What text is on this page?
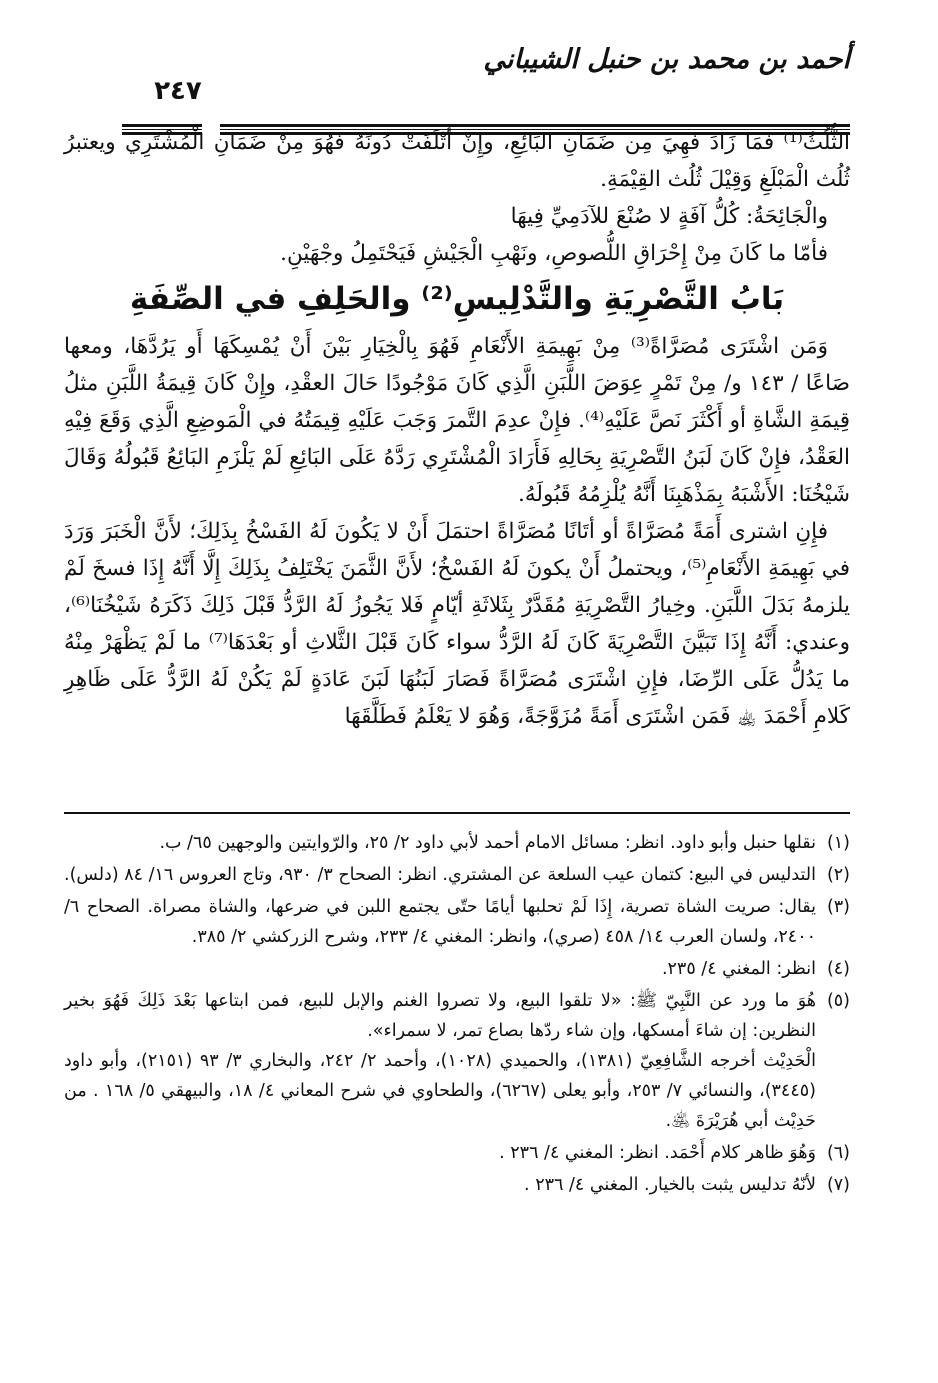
أحمد بن محمد بن حنبل الشيباني
٢٤٧

الثُّلُثُ⁽¹⁾ فَمَا زَادَ فَهِيَ مِن ضَمَانِ البَائِعِ، وإِنْ أَتْلَفَتْ دُونَهُ فَهُوَ مِنْ ضَمَانِ الْمُشْتَرِي ويعتبرُ ثُلُث الْمَبْلَغِ وَقِيْلَ ثُلُث القِيْمَةِ.

والْجَائِحَةُ: كُلُّ آفَةٍ لا صُنْعَ للآدَمِيِّ فِيهَا

فأمّا ما كَانَ مِنْ إِحْرَاقِ اللُّصوصِ، ونَهْبِ الْجَيْشِ فَيَحْتَمِلُ وجْهَيْنِ.

بَابُ التَّصْرِيَةِ والتَّدْلِيسِ⁽²⁾ والحَلِفِ في الصِّفَةِ

وَمَن اشْتَرَى مُصَرَّاةً⁽³⁾ مِنْ بَهِيمَةِ الأَنْعَامِ فَهُوَ بِالْخِيَارِ بَيْنَ أَنْ يُمْسِكَهَا أَو يَرُدَّهَا، ومعها صَاعًا / ١٤٣ و/ مِنْ تَمْرٍ عِوَضَ اللَّبَنِ الَّذِي كَانَ مَوْجُودًا حَالَ العقْدِ، وإِنْ كَانَ قِيمَةُ اللَّبَنِ مثلُ قِيمَةِ الشَّاةِ أو أَكْثَرَ نَصَّ عَلَيْهِ⁽⁴⁾. فإِنْ عدِمَ التَّمرَ وَجَبَ عَلَيْهِ قِيمَتُهُ في الْمَوضِعِ الَّذِي وَقَعَ فِيْهِ العَقْدُ، فإِنْ كَانَ لَبَنُ التَّصْرِيَةِ بِحَالِهِ فَأَرَادَ الْمُشْتَرِي رَدَّهُ عَلَى البَائِعِ لَمْ يَلْزَمِ البَائِعُ قَبُولُهُ وَقَالَ شَيْخُنَا: الأَشْبَهُ بِمَذْهَبِنَا أَنَّهُ يُلْزِمُهُ قَبُولَهُ.

فإِنِ اشترى أَمَةً مُصَرَّاةً أو أتَانًا مُصَرَّاةً احتمَلَ أَنْ لا يَكُونَ لَهُ الفَسْخُ بِذَلِكَ؛ لأَنَّ الْخَبَرَ وَرَدَ في بَهِيمَةِ الأَنْعَامِ⁽⁵⁾، ويحتملُ أَنْ يكونَ لَهُ الفَسْخُ؛ لأَنَّ الثَّمَنَ يَخْتَلِفُ بِذَلِكَ إِلَّا أَنَّهُ إِذَا فسخَ لَمْ يلزمهُ بَدَلَ اللَّبَنِ. وخِيارُ التَّصْرِيَةِ مُقَدَّرٌ بِثَلاثَةِ أيّامٍ فَلا يَجُوزُ لَهُ الرَّدُّ قَبْلَ ذَلِكَ ذَكَرَهُ شَيْخُنَا⁽⁶⁾، وعندي: أَنَّهُ إِذَا تَبَيَّنَ التَّصْرِيَةَ كَانَ لَهُ الرَّدُّ سواء كَانَ قَبْلَ الثَّلاثِ أو بَعْدَهَا⁽⁷⁾ ما لَمْ يَظْهَرْ مِنْهُ ما يَدُلُّ عَلَى الرِّضَا، فإِنِ اشْتَرَى مُصَرَّاةً فَصَارَ لَبَنُهَا لَبَنَ عَادَةٍ لَمْ يَكُنْ لَهُ الرَّدُّ عَلَى ظَاهِرِ كَلامِ أَحْمَدَ ﵀ فَمَن اشْتَرَى أَمَةً مُزَوَّجَةً، وَهُوَ لا يَعْلَمُ فَطَلَّقَهَا

(١)
نقلها حنبل وأبو داود. انظر: مسائل الامام أحمد لأبي داود ٢/ ٢٥، والرّوايتين والوجهين ٦٥/ ب.
(٢)
التدليس في البيع: كتمان عيب السلعة عن المشتري. انظر: الصحاح ٣/ ٩٣٠، وتاج العروس ١٦/ ٨٤ (دلس).
(٣)
يقال: صريت الشاة تصرية، إِذَا لَمْ تحلبها أيامًا حتّى يجتمع اللبن في ضرعها، والشاة مصراة. الصحاح ٦/ ٢٤٠٠، ولسان العرب ١٤/ ٤٥٨ (صري)، وانظر: المغني ٤/ ٢٣٣، وشرح الزركشي ٢/ ٣٨٥.
(٤)
انظر: المغني ٤/ ٢٣٥.
(٥)
هُوَ ما ورد عن النَّبِيّ ﷺ: «لا تلقوا البيع، ولا تصروا الغنم والإبل للبيع، فمن ابتاعها بَعْدَ ذَلِكَ فَهُوَ بخير النظرين: إن شاءَ أمسكها، وإن شاء ردّها بصاع تمر، لا سمراء».
الْحَدِيْث أخرجه الشَّافِعِيّ (١٣٨١)، والحميدي (١٠٢٨)، وأحمد ٢/ ٢٤٢، والبخاري ٣/ ٩٣ (٢١٥١)، وأبو داود (٣٤٤٥)، والنسائي ٧/ ٢٥٣، وأبو يعلى (٦٢٦٧)، والطحاوي في شرح المعاني ٤/ ١٨، والبيهقي ٥/ ١٦٨ . من حَدِيْث أبي هُرَيْرَةَ ﵁.
(٦)
وَهُوَ ظاهر كلام أَحْمَد. انظر: المغني ٤/ ٢٣٦ .
(٧)
لأنّهُ تدليس يثبت بالخيار. المغني ٤/ ٢٣٦ .
